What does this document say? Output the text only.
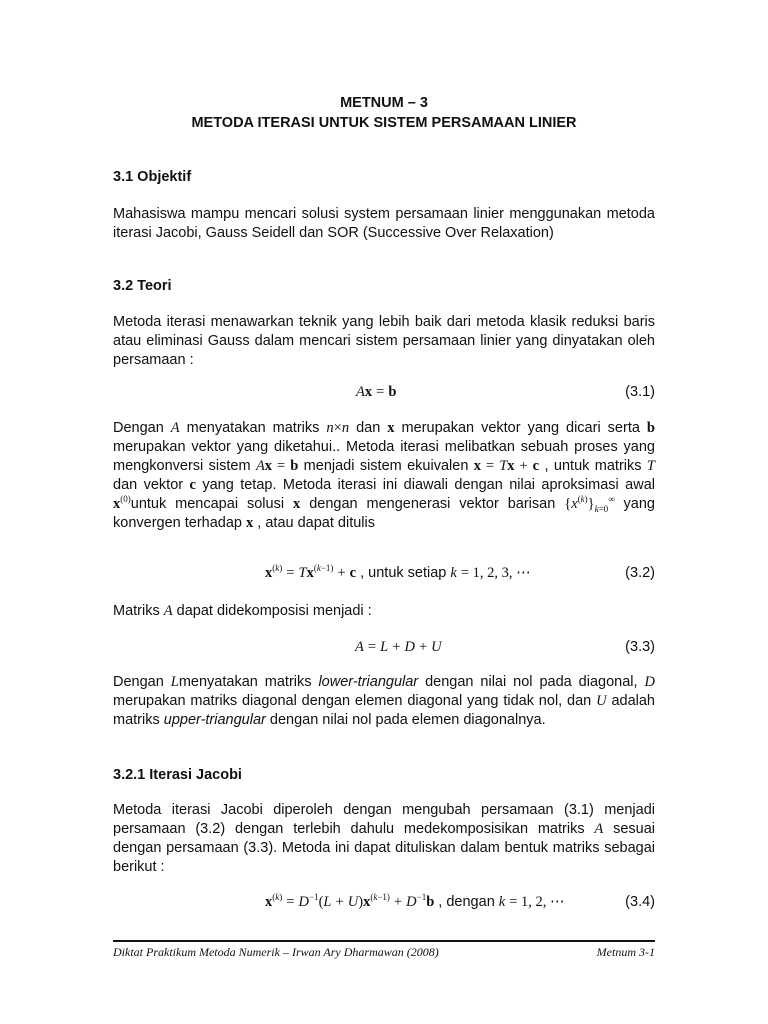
METNUM – 3
METODA ITERASI UNTUK SISTEM PERSAMAAN LINIER
3.1 Objektif
Mahasiswa mampu mencari solusi system persamaan linier menggunakan metoda iterasi Jacobi, Gauss Seidell dan SOR (Successive Over Relaxation)
3.2 Teori
Metoda iterasi menawarkan teknik yang lebih baik dari metoda klasik reduksi baris atau eliminasi Gauss dalam mencari sistem persamaan linier yang dinyatakan oleh persamaan :
Ax = b	(3.1)
Dengan A menyatakan matriks n×n dan x merupakan vektor yang dicari serta b merupakan vektor yang diketahui.. Metoda iterasi melibatkan sebuah proses yang mengkonversi sistem Ax = b menjadi sistem ekuivalen x = Tx + c , untuk matriks T dan vektor c yang tetap. Metoda iterasi ini diawali dengan nilai aproksimasi awal $x^{(0)}untuk$ mencapai solusi x dengan mengenerasi vektor barisan $\{x^{(k)}\}_{k=0}^\infty$ yang konvergen terhadap x , atau dapat ditulis
$x^{(k)} = Tx^{(k-1)} + c$ , untuk setiap k = 1, 2, 3, ⋯	(3.2)
Matriks A dapat didekomposisi menjadi :
A = L + D + U	(3.3)
Dengan Lmenyatakan matriks lower-triangular dengan nilai nol pada diagonal, D merupakan matriks diagonal dengan elemen diagonal yang tidak nol, dan U adalah matriks upper-triangular dengan nilai nol pada elemen diagonalnya.
3.2.1 Iterasi Jacobi
Metoda iterasi Jacobi diperoleh dengan mengubah persamaan (3.1) menjadi persamaan (3.2) dengan terlebih dahulu medekomposisikan matriks A sesuai dengan persamaan (3.3). Metoda ini dapat dituliskan dalam bentuk matriks sebagai berikut :
$x^{(k)} = D^{-1}(L + U)x^{(k-1)} + D^{-1}b$ , dengan k = 1, 2, ⋯	(3.4)
Diktat Praktikum Metoda Numerik – Irwan Ary Dharmawan (2008)	Metnum 3-1
